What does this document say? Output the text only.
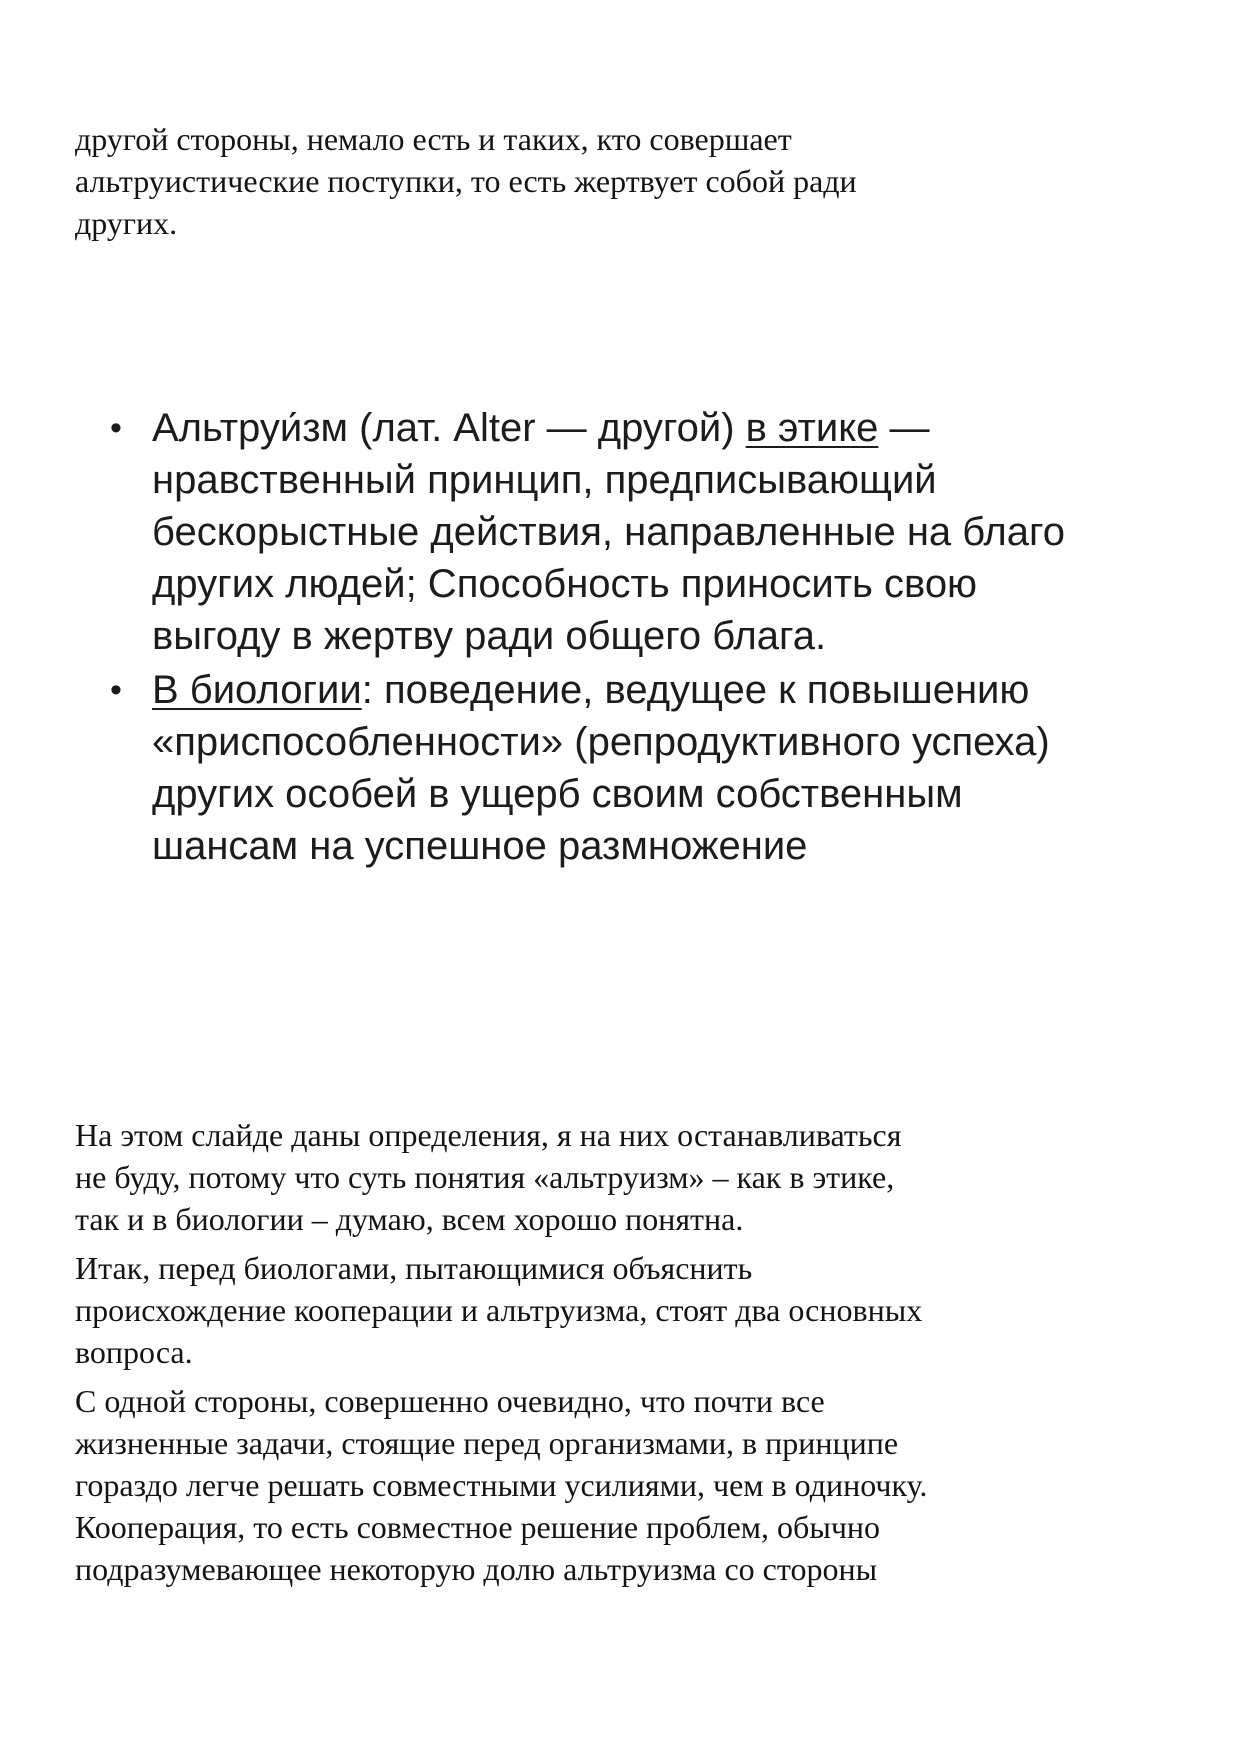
другой стороны, немало есть и таких, кто совершает
альтруистические поступки, то есть жертвует собой ради
других.

• Альтруи́зм (лат. Alter — другой) в этике —
нравственный принцип, предписывающий
бескорыстные действия, направленные на благо
других людей; Способность приносить свою
выгоду в жертву ради общего блага.
• В биологии: поведение, ведущее к повышению
«приспособленности» (репродуктивного успеха)
других особей в ущерб своим собственным
шансам на успешное размножение

На этом слайде даны определения, я на них останавливаться
не буду, потому что суть понятия «альтруизм» – как в этике,
так и в биологии – думаю, всем хорошо понятна.

Итак, перед биологами, пытающимися объяснить
происхождение кооперации и альтруизма, стоят два основных
вопроса.

С одной стороны, совершенно очевидно, что почти все
жизненные задачи, стоящие перед организмами, в принципе
гораздо легче решать совместными усилиями, чем в одиночку.
Кооперация, то есть совместное решение проблем, обычно
подразумевающее некоторую долю альтруизма со стороны
